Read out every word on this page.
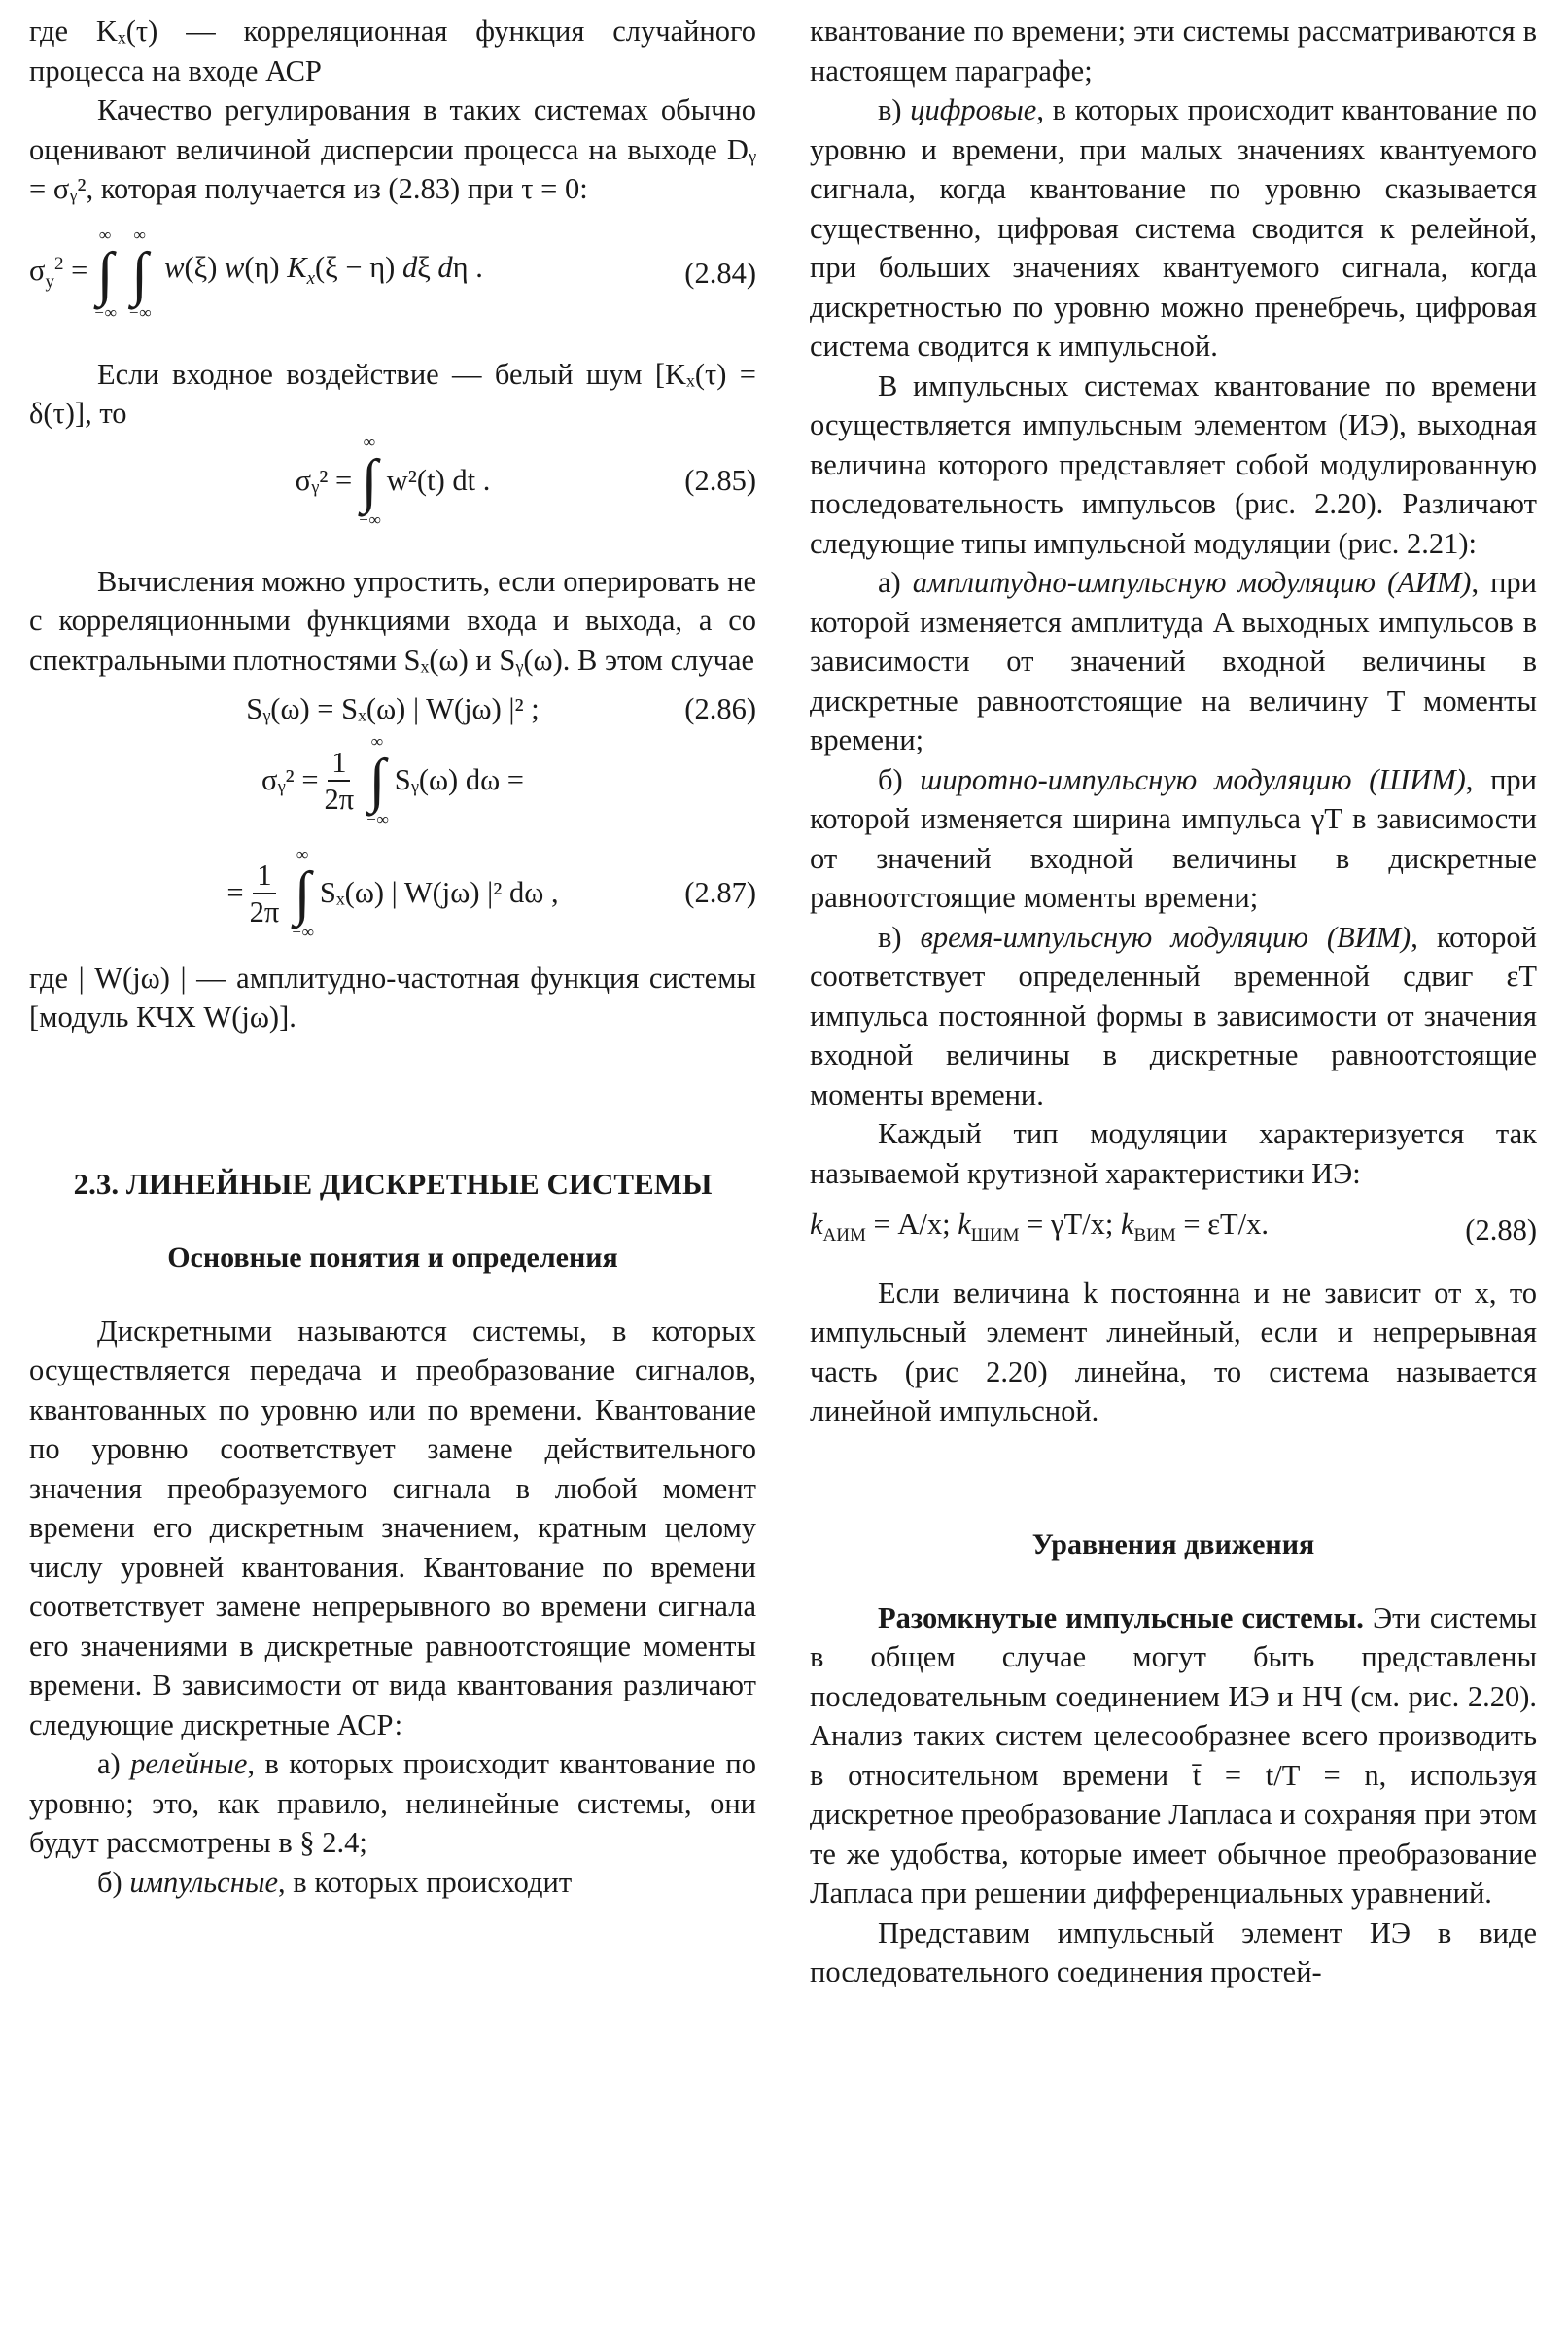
где Kₓ(τ) — корреляционная функция случайного процесса на входе АСР

Качество регулирования в таких системах обычно оценивают величиной дисперсии процесса на выходе Dᵧ = σᵧ², которая получается из (2.83) при τ = 0:

$\sigma_y^2$ =
∞
∫
−∞
∞
∫
−∞
w(ξ) w(η) $K_x(\xi - \eta)$ dξ dη .	(2.84)

Если входное воздействие — белый шум [Kₓ(τ) = δ(τ)], то

σᵧ² =
∞
∫
−∞
w²(t) dt .	(2.85)

Вычисления можно упростить, если оперировать не с корреляционными функциями входа и выхода, а со спектральными плотностями Sₓ(ω) и Sᵧ(ω). В этом случае

Sᵧ(ω) = Sₓ(ω) | W(jω) |² ;	(2.86)
σᵧ² = $\frac{1}{2\pi}$
∞
∫
−∞
Sᵧ(ω) dω =
= $\frac{1}{2\pi}$
∞
∫
−∞
Sₓ(ω) | W(jω) |² dω ,	(2.87)

где | W(jω) | — амплитудно-частотная функция системы [модуль КЧХ W(jω)].

2.3. ЛИНЕЙНЫЕ ДИСКРЕТНЫЕ СИСТЕМЫ
Основные понятия и определения

Дискретными называются системы, в которых осуществляется передача и преобразование сигналов, квантованных по уровню или по времени. Квантование по уровню соответствует замене действительного значения преобразуемого сигнала в любой момент времени его дискретным значением, кратным целому числу уровней квантования. Квантование по времени соответствует замене непрерывного во времени сигнала его значениями в дискретные равноотстоящие моменты времени. В зависимости от вида квантования различают следующие дискретные АСР:

а) релейные, в которых происходит квантование по уровню; это, как правило, нелинейные системы, они будут рассмотрены в § 2.4;

б) импульсные, в которых происходит

квантование по времени; эти системы рассматриваются в настоящем параграфе;

в) цифровые, в которых происходит квантование по уровню и времени, при малых значениях квантуемого сигнала, когда квантование по уровню сказывается существенно, цифровая система сводится к релейной, при больших значениях квантуемого сигнала, когда дискретностью по уровню можно пренебречь, цифровая система сводится к импульсной.

В импульсных системах квантование по времени осуществляется импульсным элементом (ИЭ), выходная величина которого представляет собой модулированную последовательность импульсов (рис. 2.20). Различают следующие типы импульсной модуляции (рис. 2.21):

а) амплитудно-импульсную модуляцию (АИМ), при которой изменяется амплитуда A выходных импульсов в зависимости от значений входной величины в дискретные равноотстоящие на величину T моменты времени;

б) широтно-импульсную модуляцию (ШИМ), при которой изменяется ширина импульса γT в зависимости от значений входной величины в дискретные равноотстоящие моменты времени;

в) время-импульсную модуляцию (ВИМ), которой соответствует определенный временной сдвиг εT импульса постоянной формы в зависимости от значения входной величины в дискретные равноотстоящие моменты времени.

Каждый тип модуляции характеризуется так называемой крутизной характеристики ИЭ:

$k_{АИМ} = A/x$; $k_{ШИМ} = \gamma T/x$; $k_{ВИМ} = \varepsilon T/x$.	(2.88)

Если величина k постоянна и не зависит от x, то импульсный элемент линейный, если и непрерывная часть (рис 2.20) линейна, то система называется линейной импульсной.

Уравнения движения

Разомкнутые импульсные системы. Эти системы в общем случае могут быть представлены последовательным соединением ИЭ и НЧ (см. рис. 2.20). Анализ таких систем целесообразнее всего производить в относительном времени t̄ = t/T = n, используя дискретное преобразование Лапласа и сохраняя при этом те же удобства, которые имеет обычное преобразование Лапласа при решении дифференциальных уравнений.

Представим импульсный элемент ИЭ в виде последовательного соединения простей-
